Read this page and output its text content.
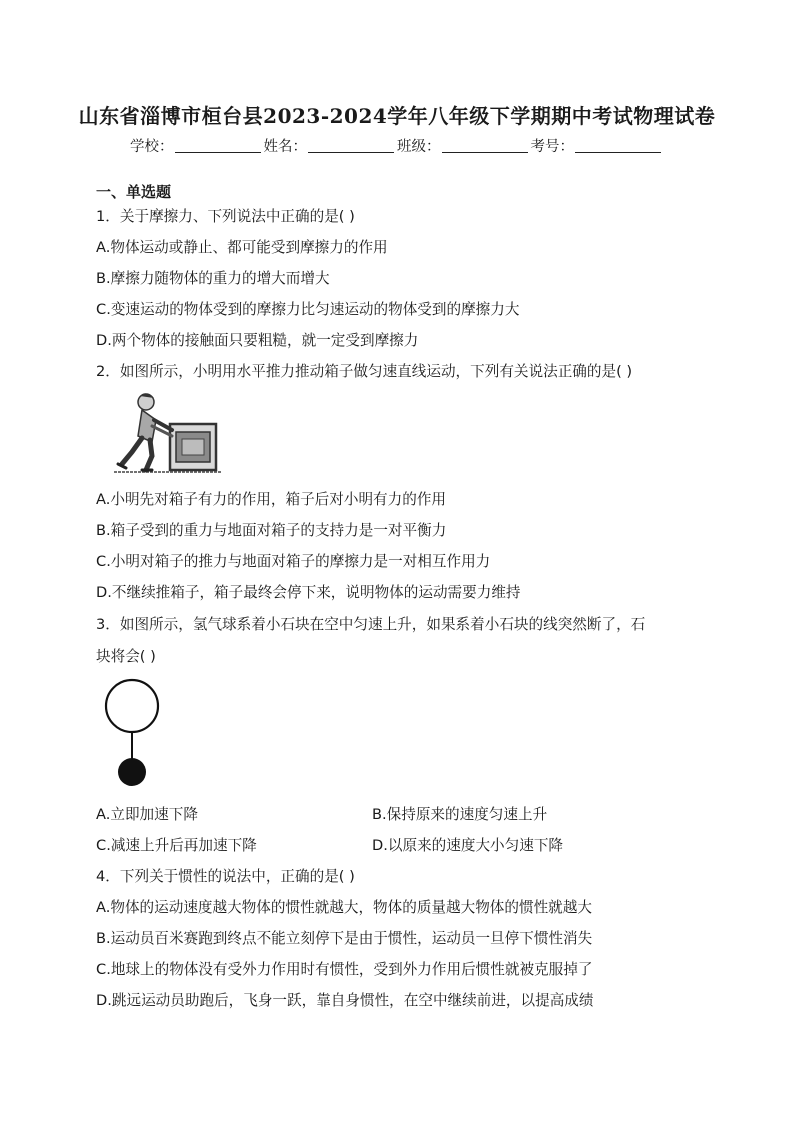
山东省淄博市桓台县2023-2024学年八年级下学期期中考试物理试卷
学校：	姓名：	班级：	考号：
一、单选题
1．关于摩擦力、下列说法中正确的是( )
A.物体运动或静止、都可能受到摩擦力的作用
B.摩擦力随物体的重力的增大而增大
C.变速运动的物体受到的摩擦力比匀速运动的物体受到的摩擦力大
D.两个物体的接触面只要粗糙，就一定受到摩擦力
2．如图所示，小明用水平推力推动箱子做匀速直线运动，下列有关说法正确的是( )
A.小明先对箱子有力的作用，箱子后对小明有力的作用
B.箱子受到的重力与地面对箱子的支持力是一对平衡力
C.小明对箱子的推力与地面对箱子的摩擦力是一对相互作用力
D.不继续推箱子，箱子最终会停下来，说明物体的运动需要力维持
3．如图所示，氢气球系着小石块在空中匀速上升，如果系着小石块的线突然断了，石
块将会( )
A.立即加速下降	B.保持原来的速度匀速上升
C.减速上升后再加速下降	D.以原来的速度大小匀速下降
4．下列关于惯性的说法中，正确的是( )
A.物体的运动速度越大物体的惯性就越大，物体的质量越大物体的惯性就越大
B.运动员百米赛跑到终点不能立刻停下是由于惯性，运动员一旦停下惯性消失
C.地球上的物体没有受外力作用时有惯性，受到外力作用后惯性就被克服掉了
D.跳远运动员助跑后，飞身一跃，靠自身惯性，在空中继续前进，以提高成绩
